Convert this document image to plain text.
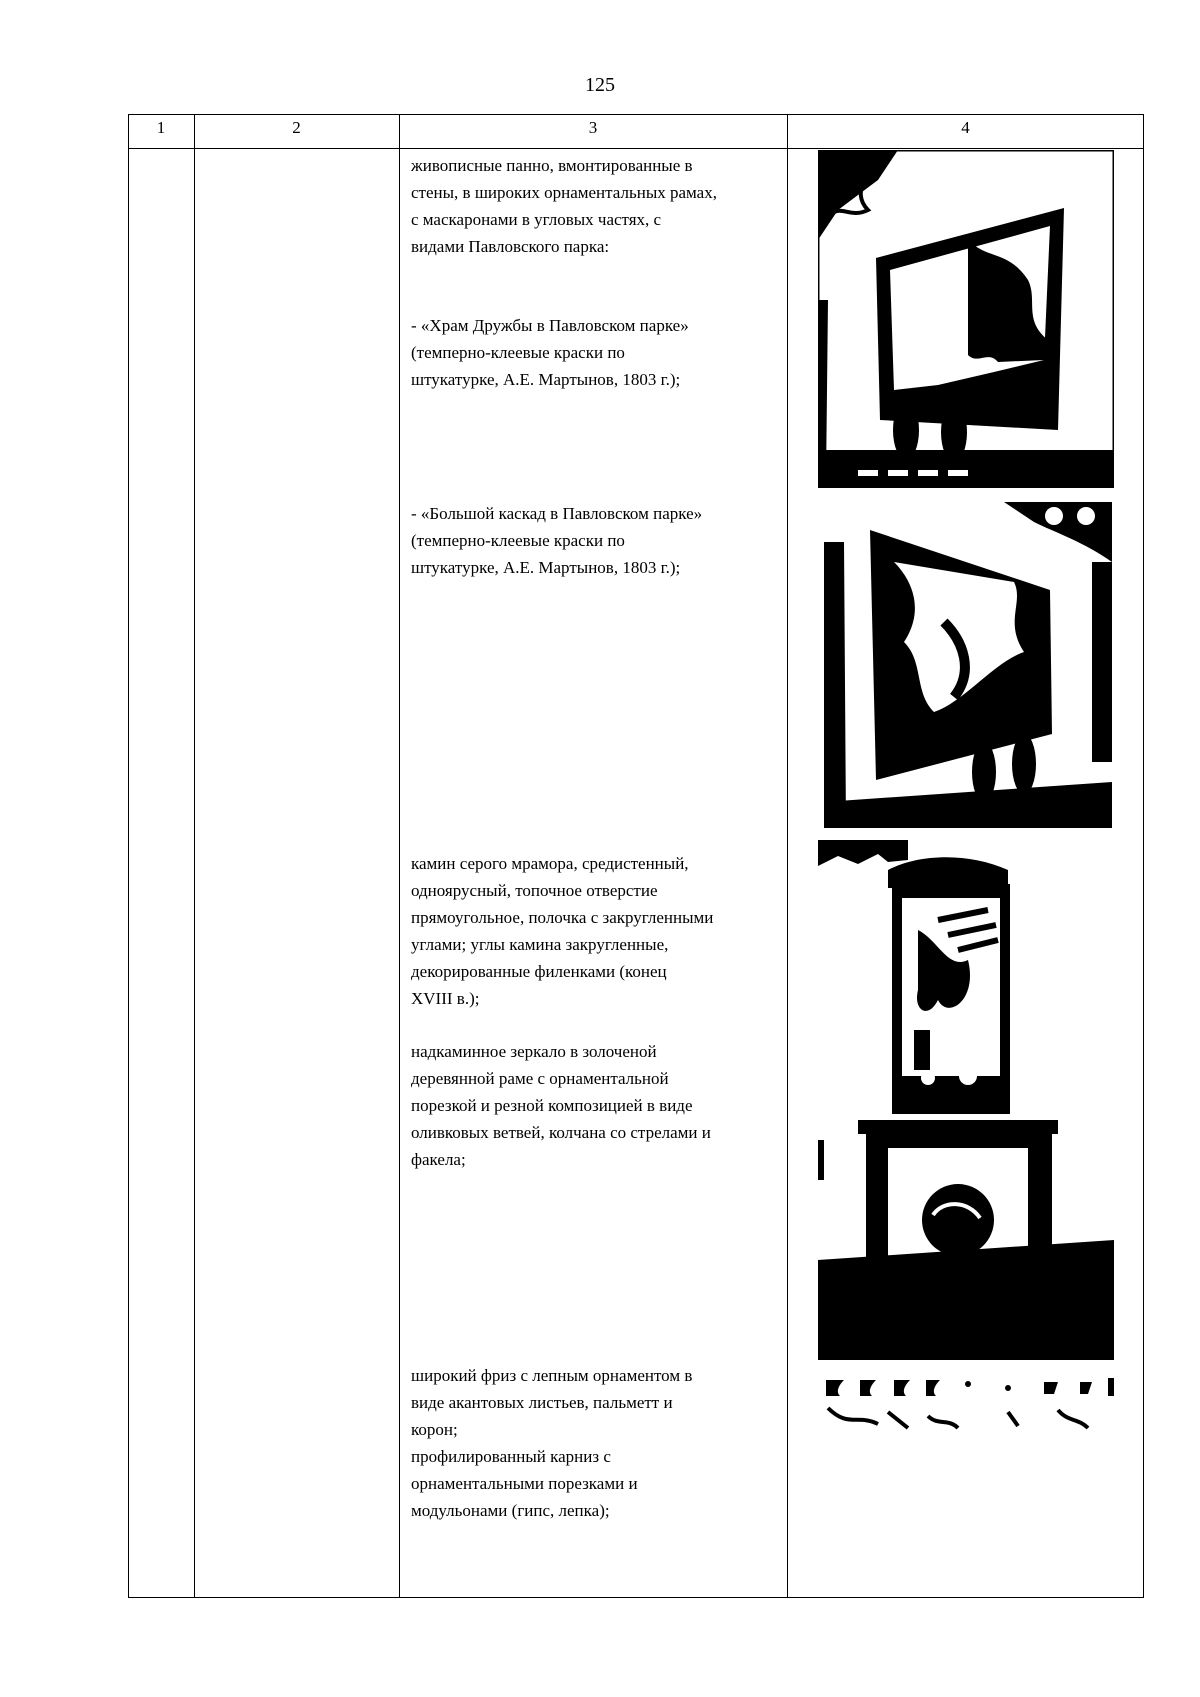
125
1	2	3	4

живописные панно, вмонтированные в

стены, в широких орнаментальных рамах,

с маскаронами в угловых частях, с

видами Павловского парка:

- «Храм Дружбы в Павловском парке»

(темперно-клеевые краски по

штукатурке, А.Е. Мартынов, 1803 г.);

- «Большой каскад в Павловском парке»

(темперно-клеевые краски по

штукатурке, А.Е. Мартынов, 1803 г.);

камин серого мрамора, средистенный,

одноярусный, топочное отверстие

прямоугольное, полочка с закругленными

углами; углы камина закругленные,

декорированные филенками (конец

XVIII в.);

надкаминное зеркало в золоченой

деревянной раме с орнаментальной

порезкой и резной композицией в виде

оливковых ветвей, колчана со стрелами и

факела;

широкий фриз с лепным орнаментом в

виде акантовых листьев, пальметт и

корон;

профилированный карниз с

орнаментальными порезками и

модульонами (гипс, лепка);
